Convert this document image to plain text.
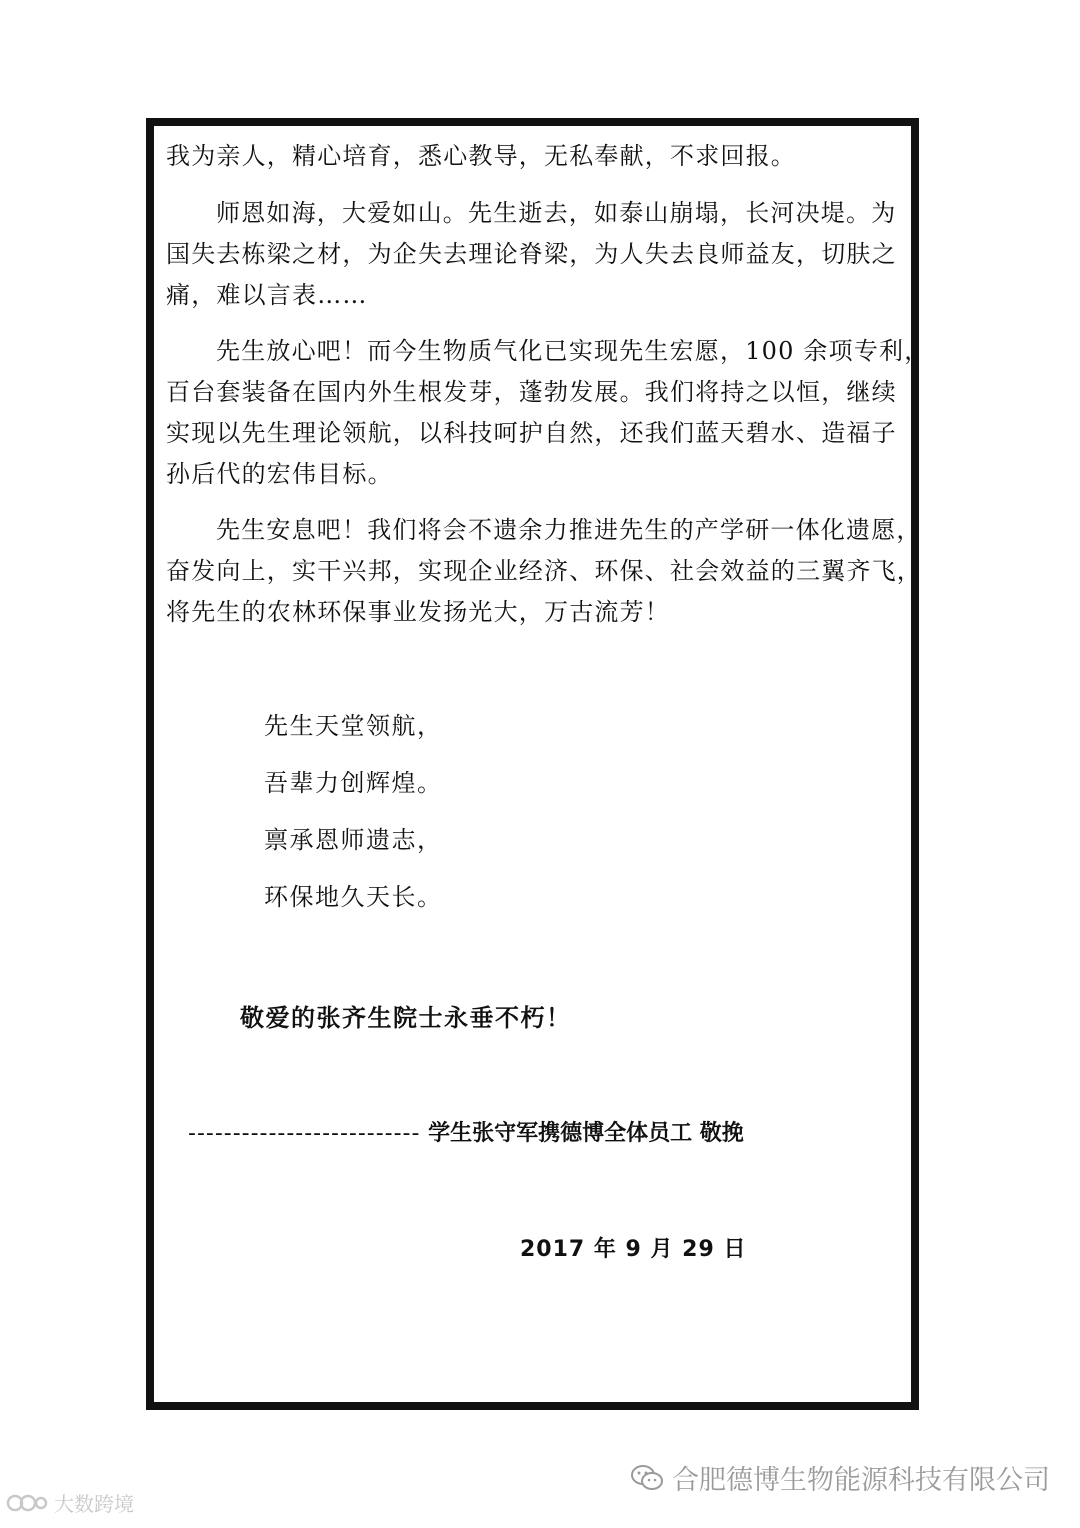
我为亲人，精心培育，悉心教导，无私奉献，不求回报。
师恩如海，大爱如山。先生逝去，如泰山崩塌，长河决堤。为
国失去栋梁之材，为企失去理论脊梁，为人失去良师益友，切肤之
痛，难以言表……
先生放心吧！而今生物质气化已实现先生宏愿，100 余项专利，
百台套装备在国内外生根发芽，蓬勃发展。我们将持之以恒，继续
实现以先生理论领航，以科技呵护自然，还我们蓝天碧水、造福子
孙后代的宏伟目标。
先生安息吧！我们将会不遗余力推进先生的产学研一体化遗愿，
奋发向上，实干兴邦，实现企业经济、环保、社会效益的三翼齐飞，
将先生的农林环保事业发扬光大，万古流芳！
先生天堂领航，
吾辈力创辉煌。
禀承恩师遗志，
环保地久天长。
敬爱的张齐生院士永垂不朽！
-------------------------- 学生张守军携德博全体员工 敬挽
2017 年 9 月 29 日
大数跨境
合肥德博生物能源科技有限公司
